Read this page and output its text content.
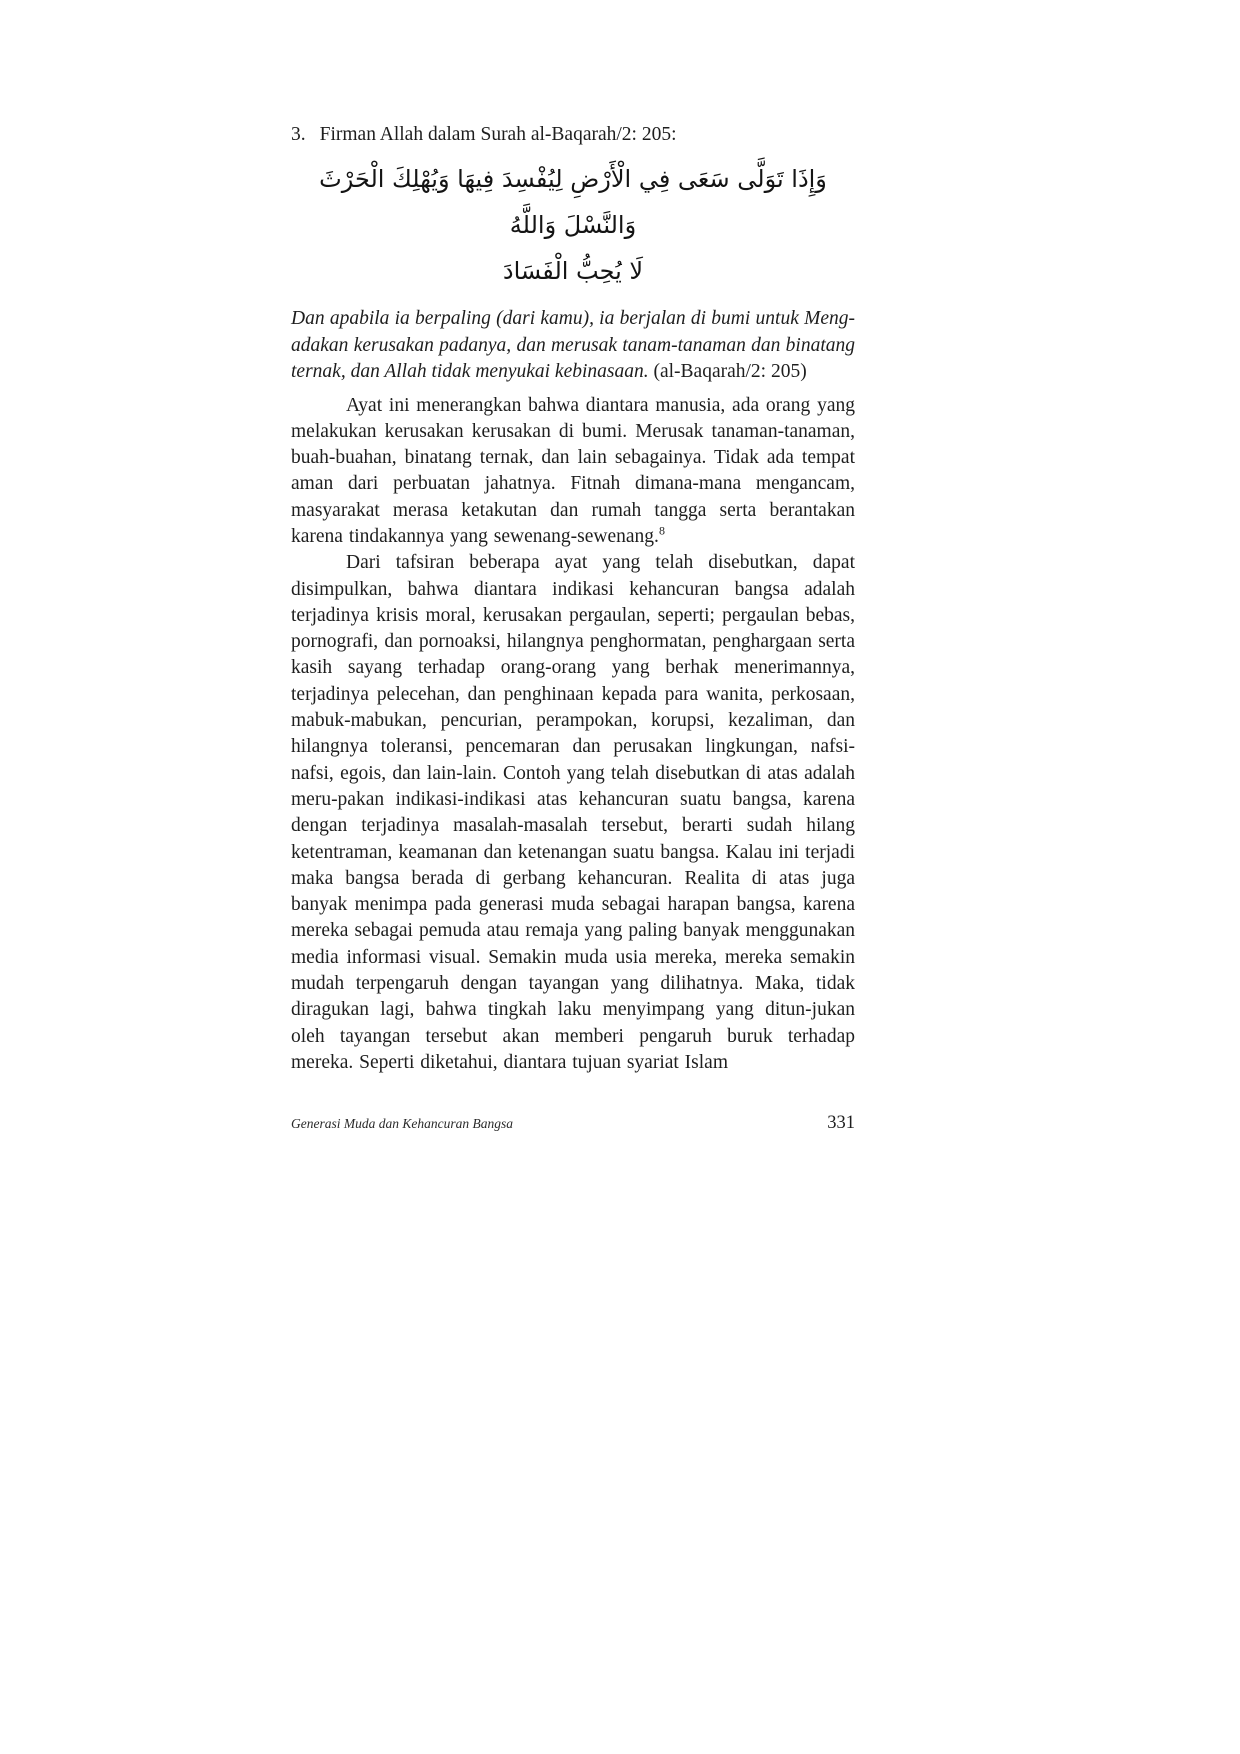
3. Firman Allah dalam Surah al-Baqarah/2: 205:
وَإِذَا تَوَلَّى سَعَى فِي الْأَرْضِ لِيُفْسِدَ فِيهَا وَيُهْلِكَ الْحَرْثَ وَالنَّسْلَ وَاللَّهُ
لَا يُحِبُّ الْفَسَادَ

Dan apabila ia berpaling (dari kamu), ia berjalan di bumi untuk Meng-adakan kerusakan padanya, dan merusak tanam-tanaman dan binatang ternak, dan Allah tidak menyukai kebinasaan. (al-Baqarah/2: 205)

Ayat ini menerangkan bahwa diantara manusia, ada orang yang melakukan kerusakan kerusakan di bumi. Merusak tanaman-tanaman, buah-buahan, binatang ternak, dan lain sebagainya. Tidak ada tempat aman dari perbuatan jahatnya. Fitnah dimana-mana mengancam, masyarakat merasa ketakutan dan rumah tangga serta berantakan karena tindakannya yang sewenang-sewenang.$^8$

Dari tafsiran beberapa ayat yang telah disebutkan, dapat disimpulkan, bahwa diantara indikasi kehancuran bangsa adalah terjadinya krisis moral, kerusakan pergaulan, seperti; pergaulan bebas, pornografi, dan pornoaksi, hilangnya penghormatan, penghargaan serta kasih sayang terhadap orang-orang yang berhak menerimannya, terjadinya pelecehan, dan penghinaan kepada para wanita, perkosaan, mabuk-mabukan, pencurian, perampokan, korupsi, kezaliman, dan hilangnya toleransi, pencemaran dan perusakan lingkungan, nafsi-nafsi, egois, dan lain-lain. Contoh yang telah disebutkan di atas adalah meru-pakan indikasi-indikasi atas kehancuran suatu bangsa, karena dengan terjadinya masalah-masalah tersebut, berarti sudah hilang ketentraman, keamanan dan ketenangan suatu bangsa. Kalau ini terjadi maka bangsa berada di gerbang kehancuran. Realita di atas juga banyak menimpa pada generasi muda sebagai harapan bangsa, karena mereka sebagai pemuda atau remaja yang paling banyak menggunakan media informasi visual. Semakin muda usia mereka, mereka semakin mudah terpengaruh dengan tayangan yang dilihatnya. Maka, tidak diragukan lagi, bahwa tingkah laku menyimpang yang ditun-jukan oleh tayangan tersebut akan memberi pengaruh buruk terhadap mereka. Seperti diketahui, diantara tujuan syariat Islam

Generasi Muda dan Kehancuran Bangsa	331
